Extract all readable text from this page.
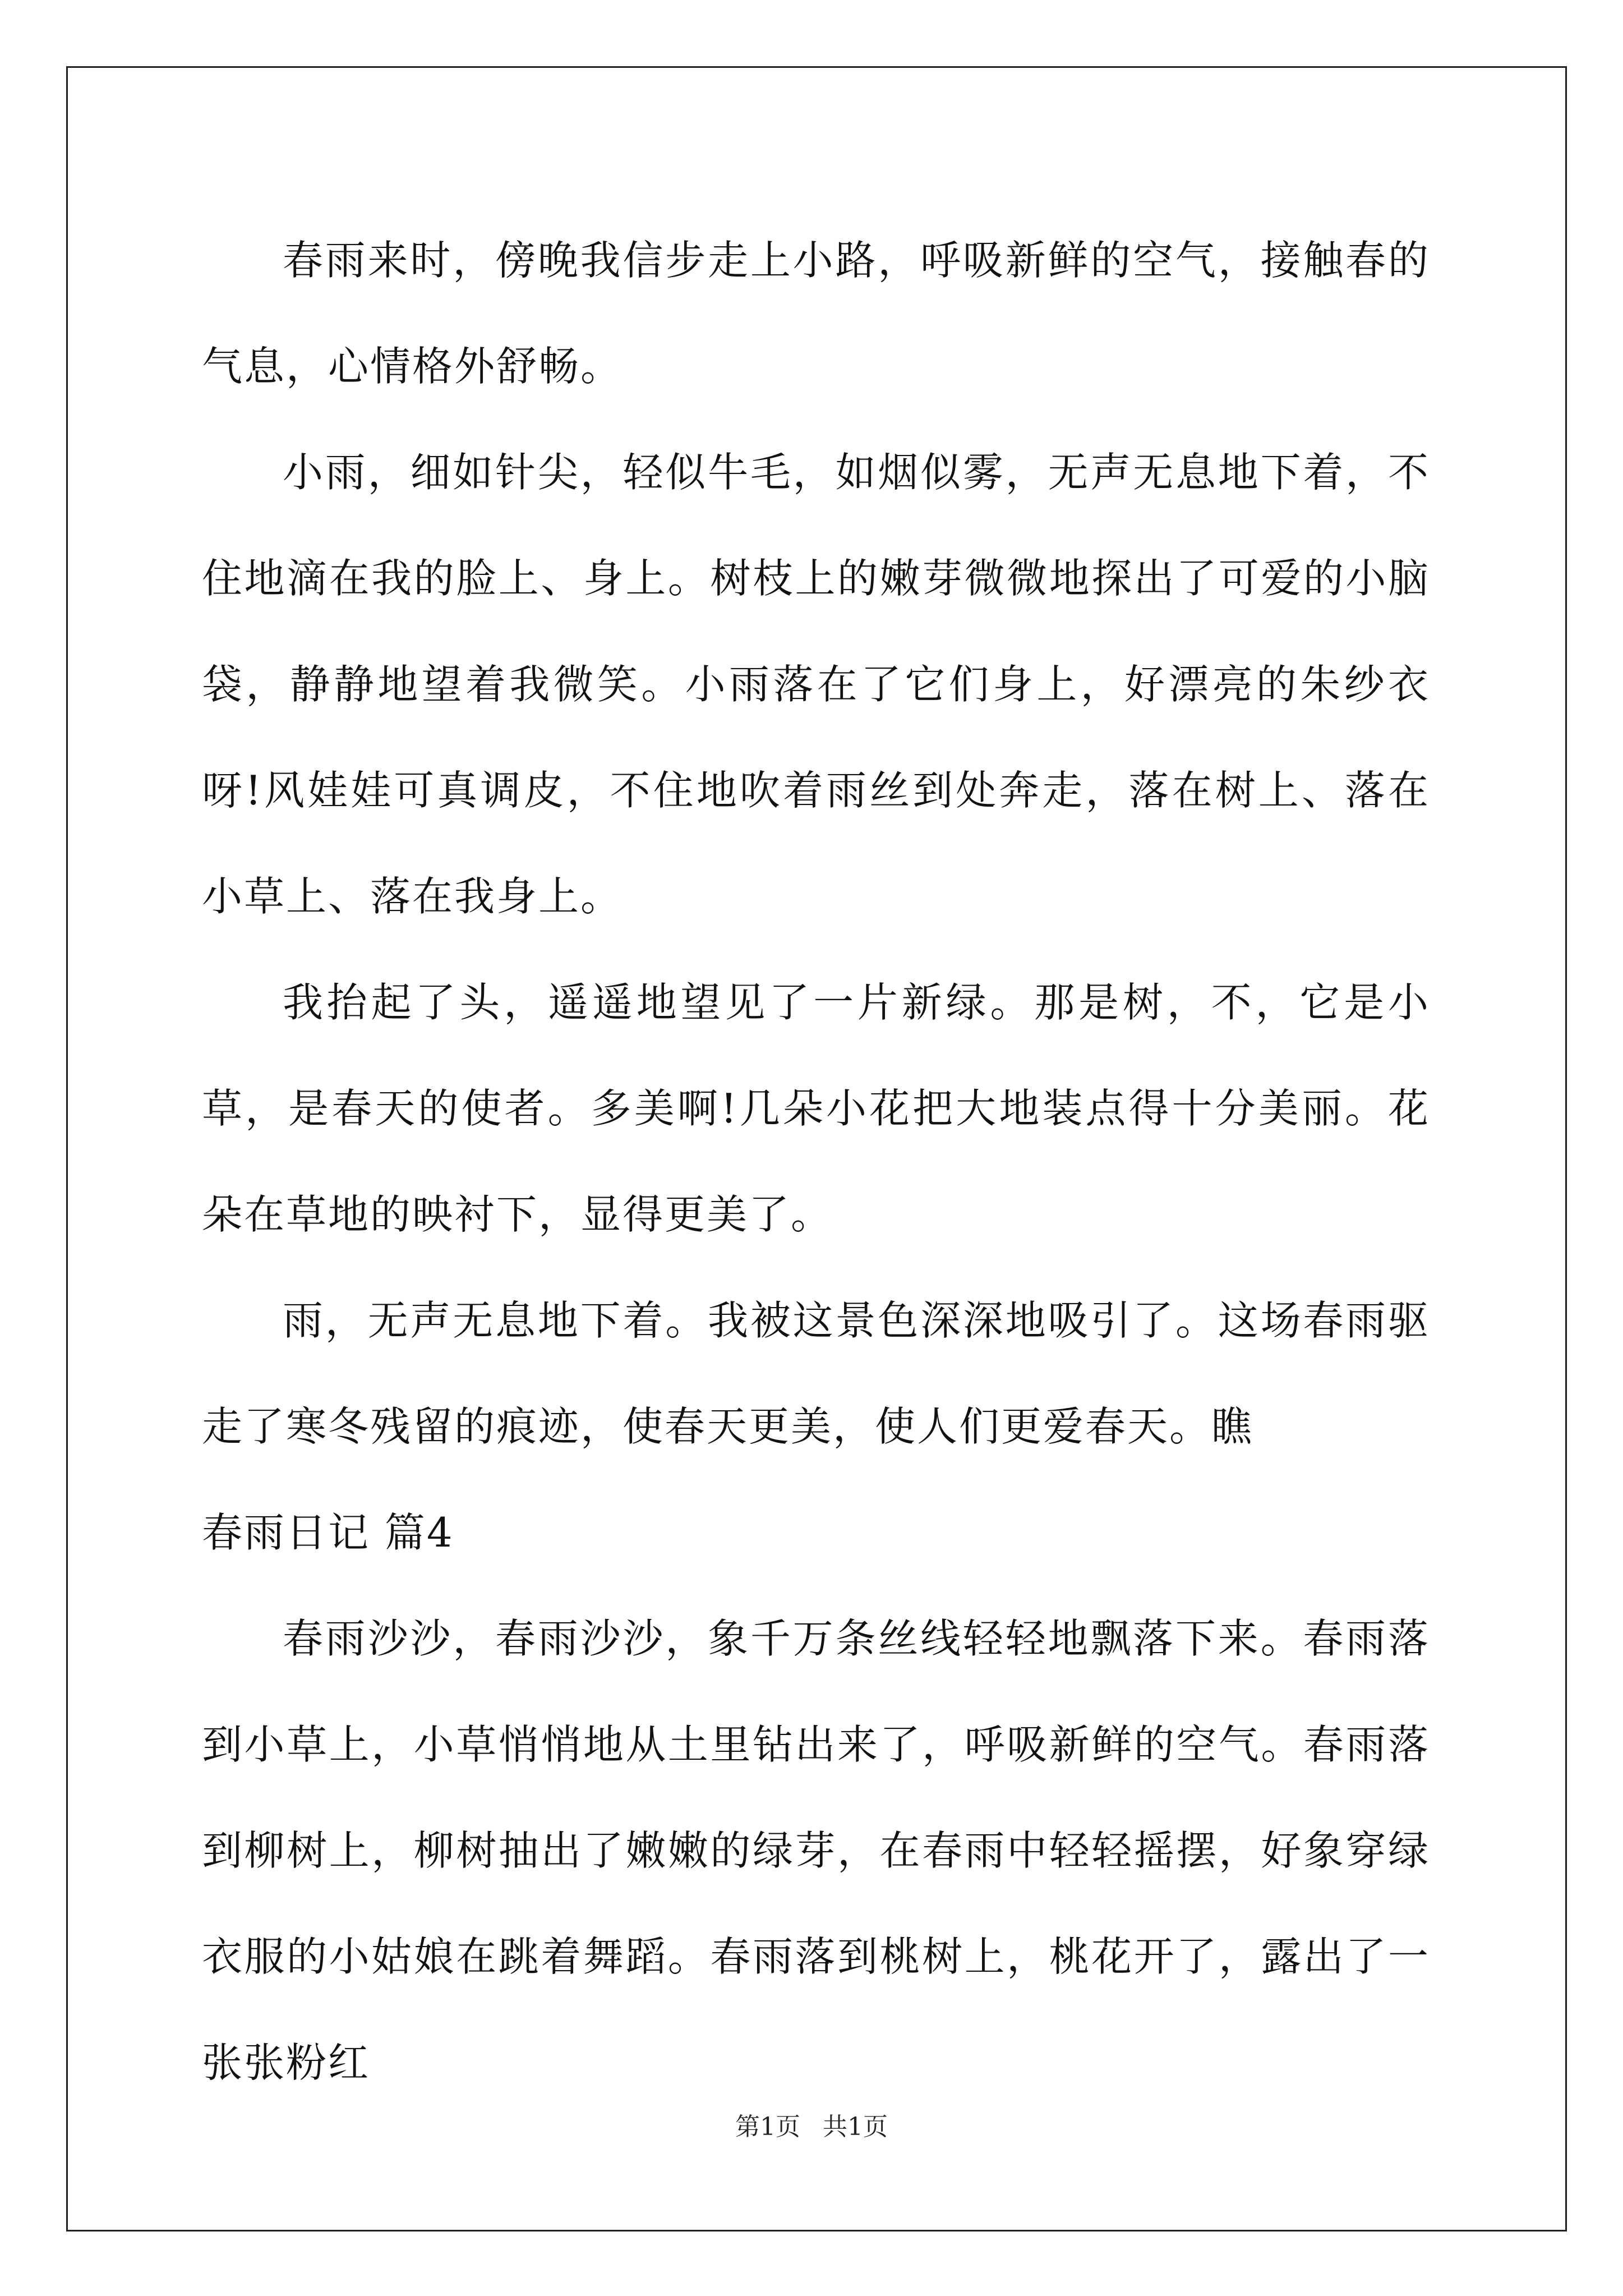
春雨来时，傍晚我信步走上小路，呼吸新鲜的空气，接触春的气息，心情格外舒畅。

小雨，细如针尖，轻似牛毛，如烟似雾，无声无息地下着，不住地滴在我的脸上、身上。树枝上的嫩芽微微地探出了可爱的小脑袋，静静地望着我微笑。小雨落在了它们身上，好漂亮的朱纱衣呀!风娃娃可真调皮，不住地吹着雨丝到处奔走，落在树上、落在小草上、落在我身上。

我抬起了头，遥遥地望见了一片新绿。那是树，不，它是小草，是春天的使者。多美啊!几朵小花把大地装点得十分美丽。花朵在草地的映衬下，显得更美了。

雨，无声无息地下着。我被这景色深深地吸引了。这场春雨驱走了寒冬残留的痕迹，使春天更美，使人们更爱春天。瞧

春雨日记 篇4

春雨沙沙，春雨沙沙，象千万条丝线轻轻地飘落下来。春雨落到小草上，小草悄悄地从土里钻出来了，呼吸新鲜的空气。春雨落到柳树上，柳树抽出了嫩嫩的绿芽，在春雨中轻轻摇摆，好象穿绿衣服的小姑娘在跳着舞蹈。春雨落到桃树上，桃花开了，露出了一张张粉红

第1页 共1页
